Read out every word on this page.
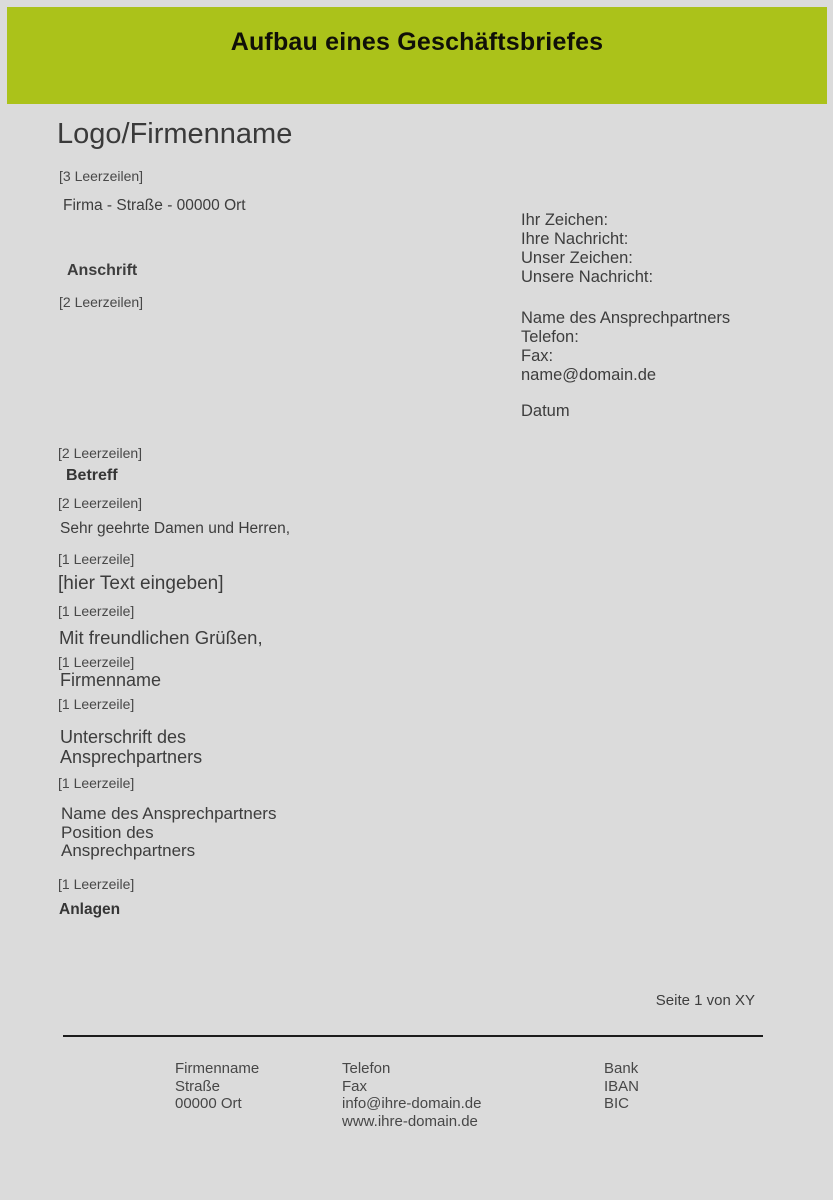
Aufbau eines Geschäftsbriefes
Logo/Firmenname
[3 Leerzeilen]
Firma - Straße - 00000 Ort
Anschrift
[2 Leerzeilen]
Ihr Zeichen:
Ihre Nachricht:
Unser Zeichen:
Unsere Nachricht:
Name des Ansprechpartners
Telefon:
Fax:
name@domain.de
Datum
[2 Leerzeilen]
Betreff
[2 Leerzeilen]
Sehr geehrte Damen und Herren,
[1 Leerzeile]
[hier Text eingeben]
[1 Leerzeile]
Mit freundlichen Grüßen,
[1 Leerzeile]
Firmenname
[1 Leerzeile]
Unterschrift des
Ansprechpartners
[1 Leerzeile]
Name des Ansprechpartners
Position des
Ansprechpartners
[1 Leerzeile]
Anlagen
Seite 1 von XY
Firmenname
Straße
00000 Ort
Telefon
Fax
info@ihre-domain.de
www.ihre-domain.de
Bank
IBAN
BIC
